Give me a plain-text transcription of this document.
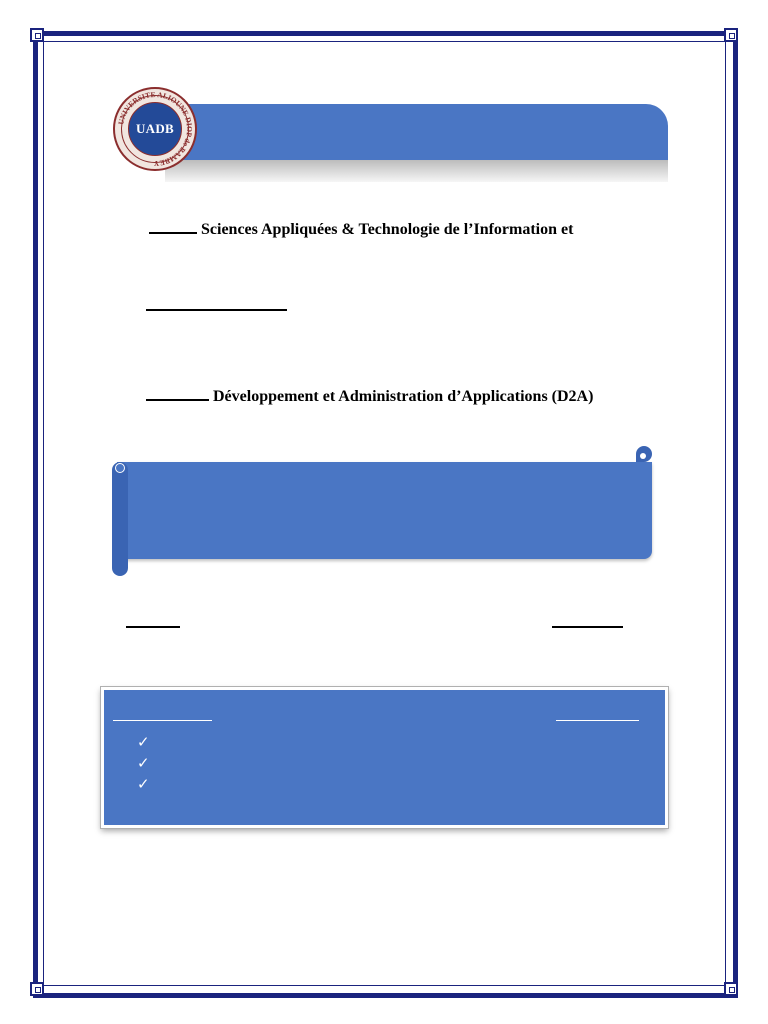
UNIVERSITE ALIOUNE DIOP de BAMBEY
UADB
Sciences Appliquées & Technologie de l’Information et
Développement et Administration d’Applications (D2A)
✓
✓
✓
